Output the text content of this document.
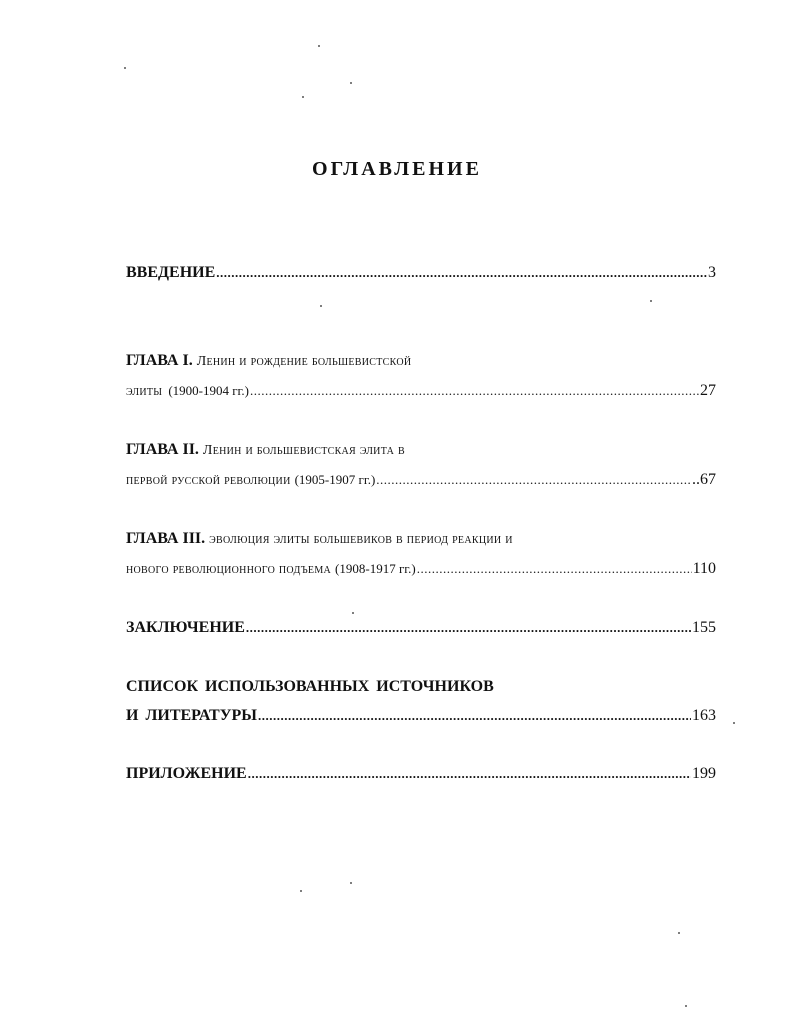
ОГЛАВЛЕНИЕ
ВВЕДЕНИЕ .....	3
ГЛАВА I. Ленин и рождение большевистской
элиты (1900-1904 гг.) .....	27
ГЛАВА II. Ленин и большевистская элита в
первой русской революции (1905-1907 гг.) .....	..67
ГЛАВА III. эволюция элиты большевиков в период реакции и
нового революционного подъема (1908-1917 гг.) .....	110
ЗАКЛЮЧЕНИЕ .....	155
СПИСОК ИСПОЛЬЗОВАННЫХ ИСТОЧНИКОВ
И ЛИТЕРАТУРЫ .....	163
ПРИЛОЖЕНИЕ .....	199
